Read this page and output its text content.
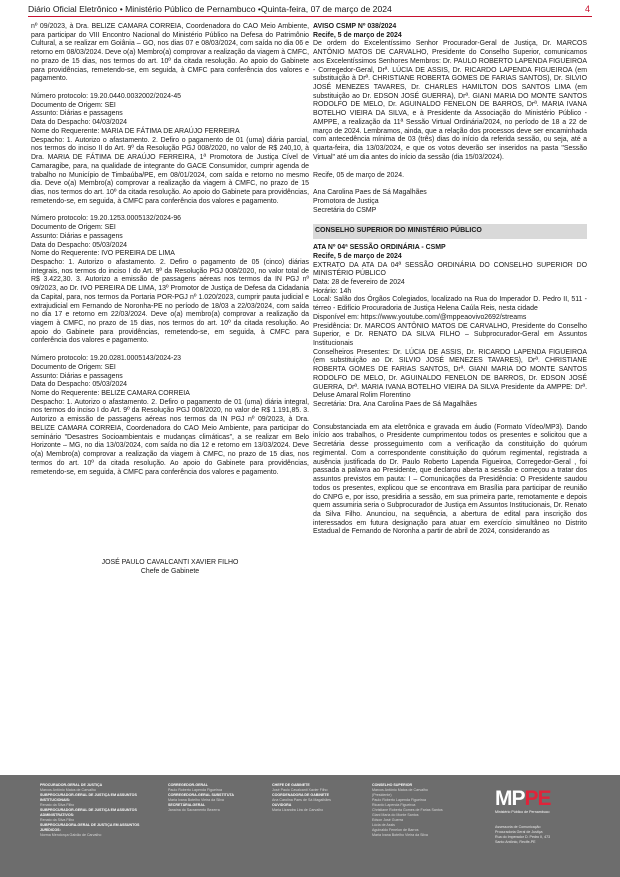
Diário Oficial Eletrônico • Ministério Público de Pernambuco •Quinta-feira, 07 de março de 2024	4

nº 09/2023, à Dra. BELIZE CAMARA CORREIA, Coordenadora do CAO Meio Ambiente, para participar do VIII Encontro Nacional do Ministério Público na Defesa do Patrimônio Cultural, a se realizar em Goiânia – GO, nos dias 07 e 08/03/2024, com saída no dia 06 e retorno em 08/03/2024. Deve o(a) Membro(a) comprovar a realização da viagem à CMFC, no prazo de 15 dias, nos termos do art. 10º da citada resolução. Ao apoio do Gabinete para providências, remetendo-se, em seguida, à CMFC para conferência dos valores e pagamento.

Número protocolo: 19.20.0440.0032002/2024-45

Documento de Origem: SEI

Assunto: Diárias e passagens

Data do Despacho: 04/03/2024

Nome do Requerente: MARIA DE FÁTIMA DE ARAÚJO FERREIRA

Despacho: 1. Autorizo o afastamento. 2. Defiro o pagamento de 01 (uma) diária parcial, nos termos do inciso II do Art. 9º da Resolução PGJ 008/2020, no valor de R$ 240,10, à Dra. MARIA DE FÁTIMA DE ARAÚJO FERREIRA, 1ª Promotora de Justiça Cível de Camaragibe, para, na qualidade de integrante do GACE Consumidor, cumprir agenda de trabalho no Município de Timbaúba/PE, em 08/01/2024, com saída e retorno no mesmo dia. Deve o(a) Membro(a) comprovar a realização da viagem à CMFC, no prazo de 15 dias, nos termos do art. 10º da citada resolução. Ao apoio do Gabinete para providências, remetendo-se, em seguida, à CMFC para conferência dos valores e pagamento.

Número protocolo: 19.20.1253.0005132/2024-96

Documento de Origem: SEI

Assunto: Diárias e passagens

Data do Despacho: 05/03/2024

Nome do Requerente: IVO PEREIRA DE LIMA

Despacho: 1. Autorizo o afastamento. 2. Defiro o pagamento de 05 (cinco) diárias integrais, nos termos do inciso I do Art. 9º da Resolução PGJ 008/2020, no valor total de R$ 3.422,30. 3. Autorizo a emissão de passagens aéreas nos termos da IN PGJ nº 09/2023, ao Dr. IVO PEREIRA DE LIMA, 13º Promotor de Justiça de Defesa da Cidadania da Capital, para, nos termos da Portaria POR-PGJ nº 1.020/2023, cumprir pauta judicial e extrajudicial em Fernando de Noronha-PE no período de 18/03 a 22/03/2024, com saída no dia 17 e retorno em 22/03/2024. Deve o(a) membro(a) comprovar a realização da viagem à CMFC, no prazo de 15 dias, nos termos do art. 10º da citada resolução. Ao apoio do Gabinete para providências, remetendo-se, em seguida, à CMFC para conferência dos valores e pagamento.

Número protocolo: 19.20.0281.0005143/2024-23

Documento de Origem: SEI

Assunto: Diárias e passagens

Data do Despacho: 05/03/2024

Nome do Requerente: BELIZE CAMARA CORREIA

Despacho: 1. Autorizo o afastamento. 2. Defiro o pagamento de 01 (uma) diária integral, nos termos do inciso I do Art. 9º da Resolução PGJ 008/2020, no valor de R$ 1.191,85. 3. Autorizo a emissão de passagens aéreas nos termos da IN PGJ nº 09/2023, à Dra. BELIZE CAMARA CORREIA, Coordenadora do CAO Meio Ambiente, para participar do seminário "Desastres Socioambientais e mudanças climáticas", a se realizar em Belo Horizonte – MG, no dia 13/03/2024, com saída no dia 12 e retorno em 13/03/2024. Deve o(a) Membro(a) comprovar a realização da viagem à CMFC, no prazo de 15 dias, nos termos do art. 10º da citada resolução. Ao apoio do Gabinete para providências, remetendo-se, em seguida, à CMFC para conferência dos valores e pagamento.

JOSÉ PAULO CAVALCANTI XAVIER FILHO

Chefe de Gabinete

AVISO CSMP Nº 038/2024

Recife, 5 de março de 2024

De ordem do Excelentíssimo Senhor Procurador-Geral de Justiça, Dr. MARCOS ANTÔNIO MATOS DE CARVALHO, Presidente do Conselho Superior, comunicamos aos Excelentíssimos Senhores Membros: Dr. PAULO ROBERTO LAPENDA FIGUEIROA - Corregedor-Geral, Drª. LÚCIA DE ASSIS, Dr. RICARDO LAPENDA FIGUEIROA (em substituição à Drª. CHRISTIANE ROBERTA GOMES DE FARIAS SANTOS), Dr. SILVIO JOSÉ MENEZES TAVARES, Dr. CHARLES HAMILTON DOS SANTOS LIMA (em substituição ao Dr. EDSON JOSÉ GUERRA), Drª. GIANI MARIA DO MONTE SANTOS RODOLFO DE MELO, Dr. AGUINALDO FENELON DE BARROS, Drª. MARIA IVANA BOTELHO VIEIRA DA SILVA, e à Presidente da Associação do Ministério Público - AMPPE, a realização da 11ª Sessão Virtual Ordinária/2024, no período de 18 a 22 de março de 2024. Lembramos, ainda, que a relação dos processos deve ser encaminhada com antecedência mínima de 03 (três) dias do início da referida sessão, ou seja, até a quarta-feira, dia 13/03/2024, e que os votos deverão ser inseridos na pasta "Sessão Virtual" até um dia antes do início da sessão (dia 15/03/2024).

Recife, 05 de março de 2024.

Ana Carolina Paes de Sá Magalhães

Promotora de Justiça

Secretária do CSMP

CONSELHO SUPERIOR DO MINISTÉRIO PÚBLICO

ATA Nº 04ª SESSÃO ORDINÁRIA - CSMP

Recife, 5 de março de 2024

EXTRATO DA ATA DA 04ª SESSÃO ORDINÁRIA DO CONSELHO SUPERIOR DO MINISTÉRIO PÚBLICO

Data: 28 de fevereiro de 2024

Horário: 14h

Local: Salão dos Órgãos Colegiados, localizado na Rua do Imperador D. Pedro II, 511 - térreo - Edifício Procuradoria de Justiça Helena Caúla Reis, nesta cidade

Disponível em: https://www.youtube.com/@mppeaovivo2692/streams

Presidência: Dr. MARCOS ANTÔNIO MATOS DE CARVALHO, Presidente do Conselho Superior, e Dr. RENATO DA SILVA FILHO – Subprocurador-Geral em Assuntos Institucionais

Conselheiros Presentes: Dr. LÚCIA DE ASSIS, Dr. RICARDO LAPENDA FIGUEIROA (em substituição ao Dr. SILVIO JOSÉ MENEZES TAVARES), Drª. CHRISTIANE ROBERTA GOMES DE FARIAS SANTOS, Drª. GIANI MARIA DO MONTE SANTOS RODOLFO DE MELO, Dr. AGUINALDO FENELON DE BARROS, Dr. EDSON JOSÉ GUERRA, Drª. MARIA IVANA BOTELHO VIEIRA DA SILVA Presidente da AMPPE: Drª. Deluse Amaral Rolim Florentino

Secretária: Dra. Ana Carolina Paes de Sá Magalhães

Consubstanciada em ata eletrônica e gravada em áudio (Formato Vídeo/MP3). Dando início aos trabalhos, o Presidente cumprimentou todos os presentes e solicitou que a Secretária desse prosseguimento com a verificação da constituição do quórum regimental. Com a correspondente constituição do quórum regimental, registrada a ausência justificada do Dr. Paulo Roberto Lapenda Figueiroa, Corregedor-Geral , foi passada a palavra ao Presidente, que declarou aberta a sessão e começou a tratar dos assuntos previstos em pauta: I – Comunicações da Presidência: O Presidente saudou todos os presentes, explicou que se encontrava em Brasília para participar de reunião do CNPG e, por isso, presidiria a sessão, em sua primeira parte, remotamente e depois quem assumiria seria o Subprocurador de Justiça em Assuntos Institucionais, Dr. Renato da Silva Filho. Anunciou, na sequência, a abertura de edital para inscrição dos interessados em futura designação para atuar em exercício simultâneo no Distrito Estadual de Fernando de Noronha a partir de abril de 2024, considerando as

PROCURADOR-GERAL DE JUSTIÇA
Marcos Antônio Matos de Carvalho
SUBPROCURADOR-GERAL DE JUSTIÇA EM ASSUNTOS INSTITUCIONAIS:
Renato da Silva Filho
SUBPROCURADOR-GERAL DE JUSTIÇA EM ASSUNTOS ADMINISTRATIVOS:
Renato da Silva Filho
SUBPROCURADORA-GERAL DE JUSTIÇA EM ASSUNTOS JURÍDICOS:
Norma Mendonça Galvão de Carvalho
CORREGEDOR-GERAL
Paulo Roberto Lapenda Figueiroa
CORREGEDORA-GERAL SUBSTITUTA
Maria Ivana Botelho Vieira da Silva
SECRETÁRIA-GERAL
Janaína do Sacramento Bezerra
CHEFE DE GABINETE
José Paulo Cavalcanti Xavier Filho
COORDENADORA DE GABINETE
Ana Carolina Paes de Sá Magalhães
OUVIDORA
Maria Lizandra Lira de Carvalho
CONSELHO SUPERIOR
Marcos Antônio Matos de Carvalho
(Presidente)
Paulo Roberto Lapenda Figueiroa
Ricardo Lapenda Figueiroa
Christiane Roberta Gomes de Farias Santos
Giani Maria do Monte Santos
Edson José Guerra
Lúcia de Assis
Aguinaldo Fenelon de Barros
Maria Ivana Botelho Vieira da Silva
MPPE
Ministério Público de Pernambuco
Assessoria de Comunicação
Procuradoria Geral de Justiça
Rua do Imperador D. Pedro II, 473
Santo Antônio, Recife-PE
